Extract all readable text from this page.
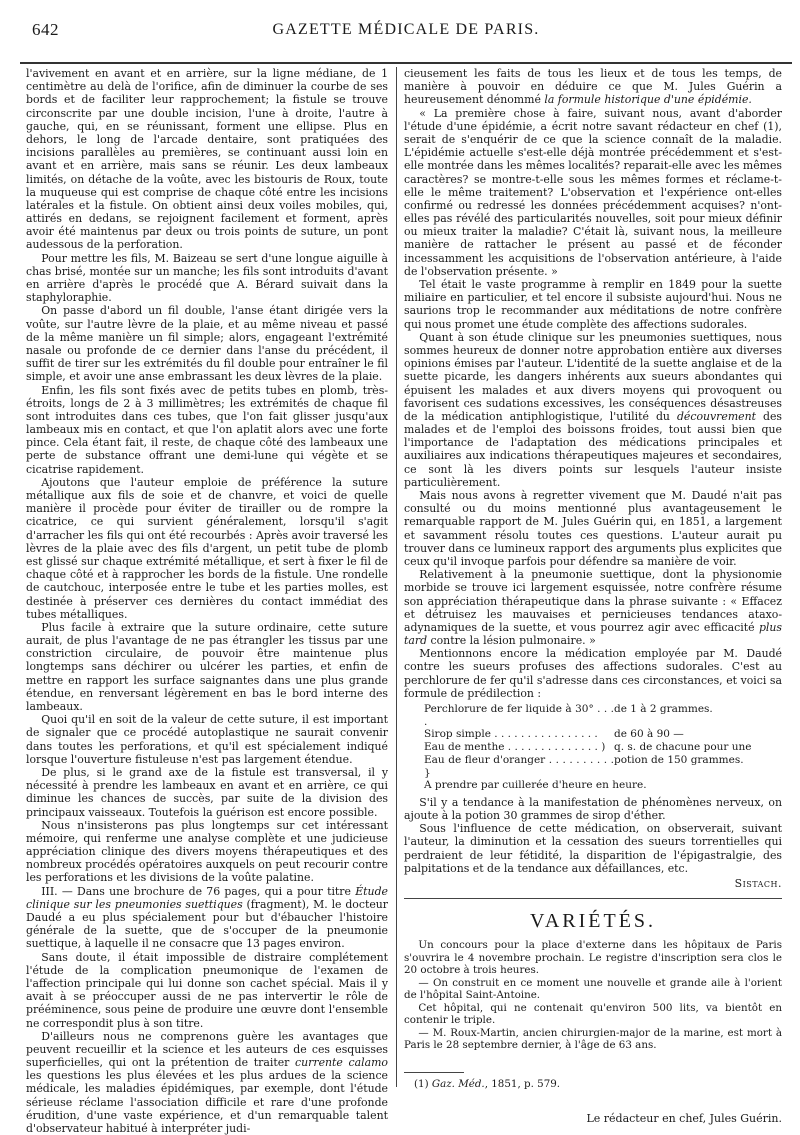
642	GAZETTE MÉDICALE DE PARIS.

l'avivement en avant et en arrière, sur la ligne médiane, de 1 centimètre au delà de l'orifice, afin de diminuer la courbe de ses bords et de faciliter leur rapprochement; la fistule se trouve circonscrite par une double incision, l'une à droite, l'autre à gauche, qui, en se réunissant, forment une ellipse. Plus en dehors, le long de l'arcade dentaire, sont pratiquées des incisions parallèles au premières, se continuant aussi loin en avant et en arrière, mais sans se réunir. Les deux lambeaux limités, on détache de la voûte, avec les bistouris de Roux, toute la muqueuse qui est comprise de chaque côté entre les incisions latérales et la fistule. On obtient ainsi deux voiles mobiles, qui, attirés en dedans, se rejoignent facilement et forment, après avoir été maintenus par deux ou trois points de suture, un pont audessous de la perforation.

Pour mettre les fils, M. Baizeau se sert d'une longue aiguille à chas brisé, montée sur un manche; les fils sont introduits d'avant en arrière d'après le procédé que A. Bérard suivait dans la staphyloraphie.

On passe d'abord un fil double, l'anse étant dirigée vers la voûte, sur l'autre lèvre de la plaie, et au même niveau et passé de la même manière un fil simple; alors, engageant l'extrémité nasale ou profonde de ce dernier dans l'anse du précédent, il suffit de tirer sur les extrémités du fil double pour entraîner le fil simple, et avoir une anse embrassant les deux lèvres de la plaie.

Enfin, les fils sont fixés avec de petits tubes en plomb, très-étroits, longs de 2 à 3 millimètres; les extrémités de chaque fil sont introduites dans ces tubes, que l'on fait glisser jusqu'aux lambeaux mis en contact, et que l'on aplatit alors avec une forte pince. Cela étant fait, il reste, de chaque côté des lambeaux une perte de substance offrant une demi-lune qui végète et se cicatrise rapidement.

Ajoutons que l'auteur emploie de préférence la suture métallique aux fils de soie et de chanvre, et voici de quelle manière il procède pour éviter de tirailler ou de rompre la cicatrice, ce qui survient généralement, lorsqu'il s'agit d'arracher les fils qui ont été recourbés : Après avoir traversé les lèvres de la plaie avec des fils d'argent, un petit tube de plomb est glissé sur chaque extrémité métallique, et sert à fixer le fil de chaque côté et à rapprocher les bords de la fistule. Une rondelle de cautchouc, interposée entre le tube et les parties molles, est destinée à préserver ces dernières du contact immédiat des tubes métalliques.

Plus facile à extraire que la suture ordinaire, cette suture aurait, de plus l'avantage de ne pas étrangler les tissus par une constriction circulaire, de pouvoir être maintenue plus longtemps sans déchirer ou ulcérer les parties, et enfin de mettre en rapport les surface saignantes dans une plus grande étendue, en renversant légèrement en bas le bord interne des lambeaux.

Quoi qu'il en soit de la valeur de cette suture, il est important de signaler que ce procédé autoplastique ne saurait convenir dans toutes les perforations, et qu'il est spécialement indiqué lorsque l'ouverture fistuleuse n'est pas largement étendue.

De plus, si le grand axe de la fistule est transversal, il y nécessité à prendre les lambeaux en avant et en arrière, ce qui diminue les chances de succès, par suite de la division des principaux vaisseaux. Toutefois la guérison est encore possible.

Nous n'insisterons pas plus longtemps sur cet intéressant mémoire, qui renferme une analyse complète et une judicieuse appréciation clinique des divers moyens thérapeutiques et des nombreux procédés opératoires auxquels on peut recourir contre les perforations et les divisions de la voûte palatine.

III. — Dans une brochure de 76 pages, qui a pour titre Étude clinique sur les pneumonies suettiques (fragment), M. le docteur Daudé a eu plus spécialement pour but d'ébaucher l'histoire générale de la suette, que de s'occuper de la pneumonie suettique, à laquelle il ne consacre que 13 pages environ.

Sans doute, il était impossible de distraire complétement l'étude de la complication pneumonique de l'examen de l'affection principale qui lui donne son cachet spécial. Mais il y avait à se préoccuper aussi de ne pas intervertir le rôle de prééminence, sous peine de produire une œuvre dont l'ensemble ne correspondit plus à son titre.

D'ailleurs nous ne comprenons guère les avantages que peuvent recueillir et la science et les auteurs de ces esquisses superficielles, qui ont la prétention de traiter currente calamo les questions les plus élevées et les plus ardues de la science médicale, les maladies épidémiques, par exemple, dont l'étude sérieuse réclame l'association difficile et rare d'une profonde érudition, d'une vaste expérience, et d'un remarquable talent d'observateur habitué à interpréter judi-

cieusement les faits de tous les lieux et de tous les temps, de manière à pouvoir en déduire ce que M. Jules Guérin a heureusement dénommé la formule historique d'une épidémie.

« La première chose à faire, suivant nous, avant d'aborder l'étude d'une épidémie, a écrit notre savant rédacteur en chef (1), serait de s'enquérir de ce que la science connaît de la maladie. L'épidémie actuelle s'est-elle déjà montrée précédemment et s'est-elle montrée dans les mêmes localités? reparait-elle avec les mêmes caractères? se montre-t-elle sous les mêmes formes et réclame-t-elle le même traitement? L'observation et l'expérience ont-elles confirmé ou redressé les données précédemment acquises? n'ont-elles pas révélé des particularités nouvelles, soit pour mieux définir ou mieux traiter la maladie? C'était là, suivant nous, la meilleure manière de rattacher le présent au passé et de féconder incessamment les acquisitions de l'observation antérieure, à l'aide de l'observation présente. »

Tel était le vaste programme à remplir en 1849 pour la suette miliaire en particulier, et tel encore il subsiste aujourd'hui. Nous ne saurions trop le recommander aux méditations de notre confrère qui nous promet une étude complète des affections sudorales.

Quant à son étude clinique sur les pneumonies suettiques, nous sommes heureux de donner notre approbation entière aux diverses opinions émises par l'auteur. L'identité de la suette anglaise et de la suette picarde, les dangers inhérents aux sueurs abondantes qui épuisent les malades et aux divers moyens qui provoquent ou favorisent ces sudations excessives, les conséquences désastreuses de la médication antiphlogistique, l'utilité du découvrement des malades et de l'emploi des boissons froides, tout aussi bien que l'importance de l'adaptation des médications principales et auxiliaires aux indications thérapeutiques majeures et secondaires, ce sont là les divers points sur lesquels l'auteur insiste particulièrement.

Mais nous avons à regretter vivement que M. Daudé n'ait pas consulté ou du moins mentionné plus avantageusement le remarquable rapport de M. Jules Guérin qui, en 1851, a largement et savamment résolu toutes ces questions. L'auteur aurait pu trouver dans ce lumineux rapport des arguments plus explicites que ceux qu'il invoque parfois pour défendre sa manière de voir.

Relativement à la pneumonie suettique, dont la physionomie morbide se trouve ici largement esquissée, notre confrère résume son appréciation thérapeutique dans la phrase suivante : « Effacez et détruisez les mauvaises et pernicieuses tendances ataxo-adynamiques de la suette, et vous pourrez agir avec efficacité plus tard contre la lésion pulmonaire. »

Mentionnons encore la médication employée par M. Daudé contre les sueurs profuses des affections sudorales. C'est au perchlorure de fer qu'il s'adresse dans ces circonstances, et voici sa formule de prédilection :

Perchlorure de fer liquide à 30° . . . .
de 1 à 2 grammes.
Sirop simple . . . . . . . . . . . . . . . .	de 60 à 90 —
Eau de menthe . . . . . . . . . . . . . . ) q. s. de chacune pour une
Eau de fleur d'oranger . . . . . . . . . . }
potion de 150 grammes.
A prendre par cuillerée d'heure en heure.

S'il y a tendance à la manifestation de phénomènes nerveux, on ajoute à la potion 30 grammes de sirop d'éther.

Sous l'influence de cette médication, on observerait, suivant l'auteur, la diminution et la cessation des sueurs torrentielles qui perdraient de leur fétidité, la disparition de l'épigastralgie, des palpitations et de la tendance aux défaillances, etc.

Sistach.
VARIÉTÉS.

Un concours pour la place d'externe dans les hôpitaux de Paris s'ouvrira le 4 novembre prochain. Le registre d'inscription sera clos le 20 octobre à trois heures.

— On construit en ce moment une nouvelle et grande aile à l'orient de l'hôpital Saint-Antoine.

Cet hôpital, qui ne contenait qu'environ 500 lits, va bientôt en contenir le triple.

— M. Roux-Martin, ancien chirurgien-major de la marine, est mort à Paris le 28 septembre dernier, à l'âge de 63 ans.

(1) Gaz. Méd., 1851, p. 579.
Le rédacteur en chef, Jules Guérin.
